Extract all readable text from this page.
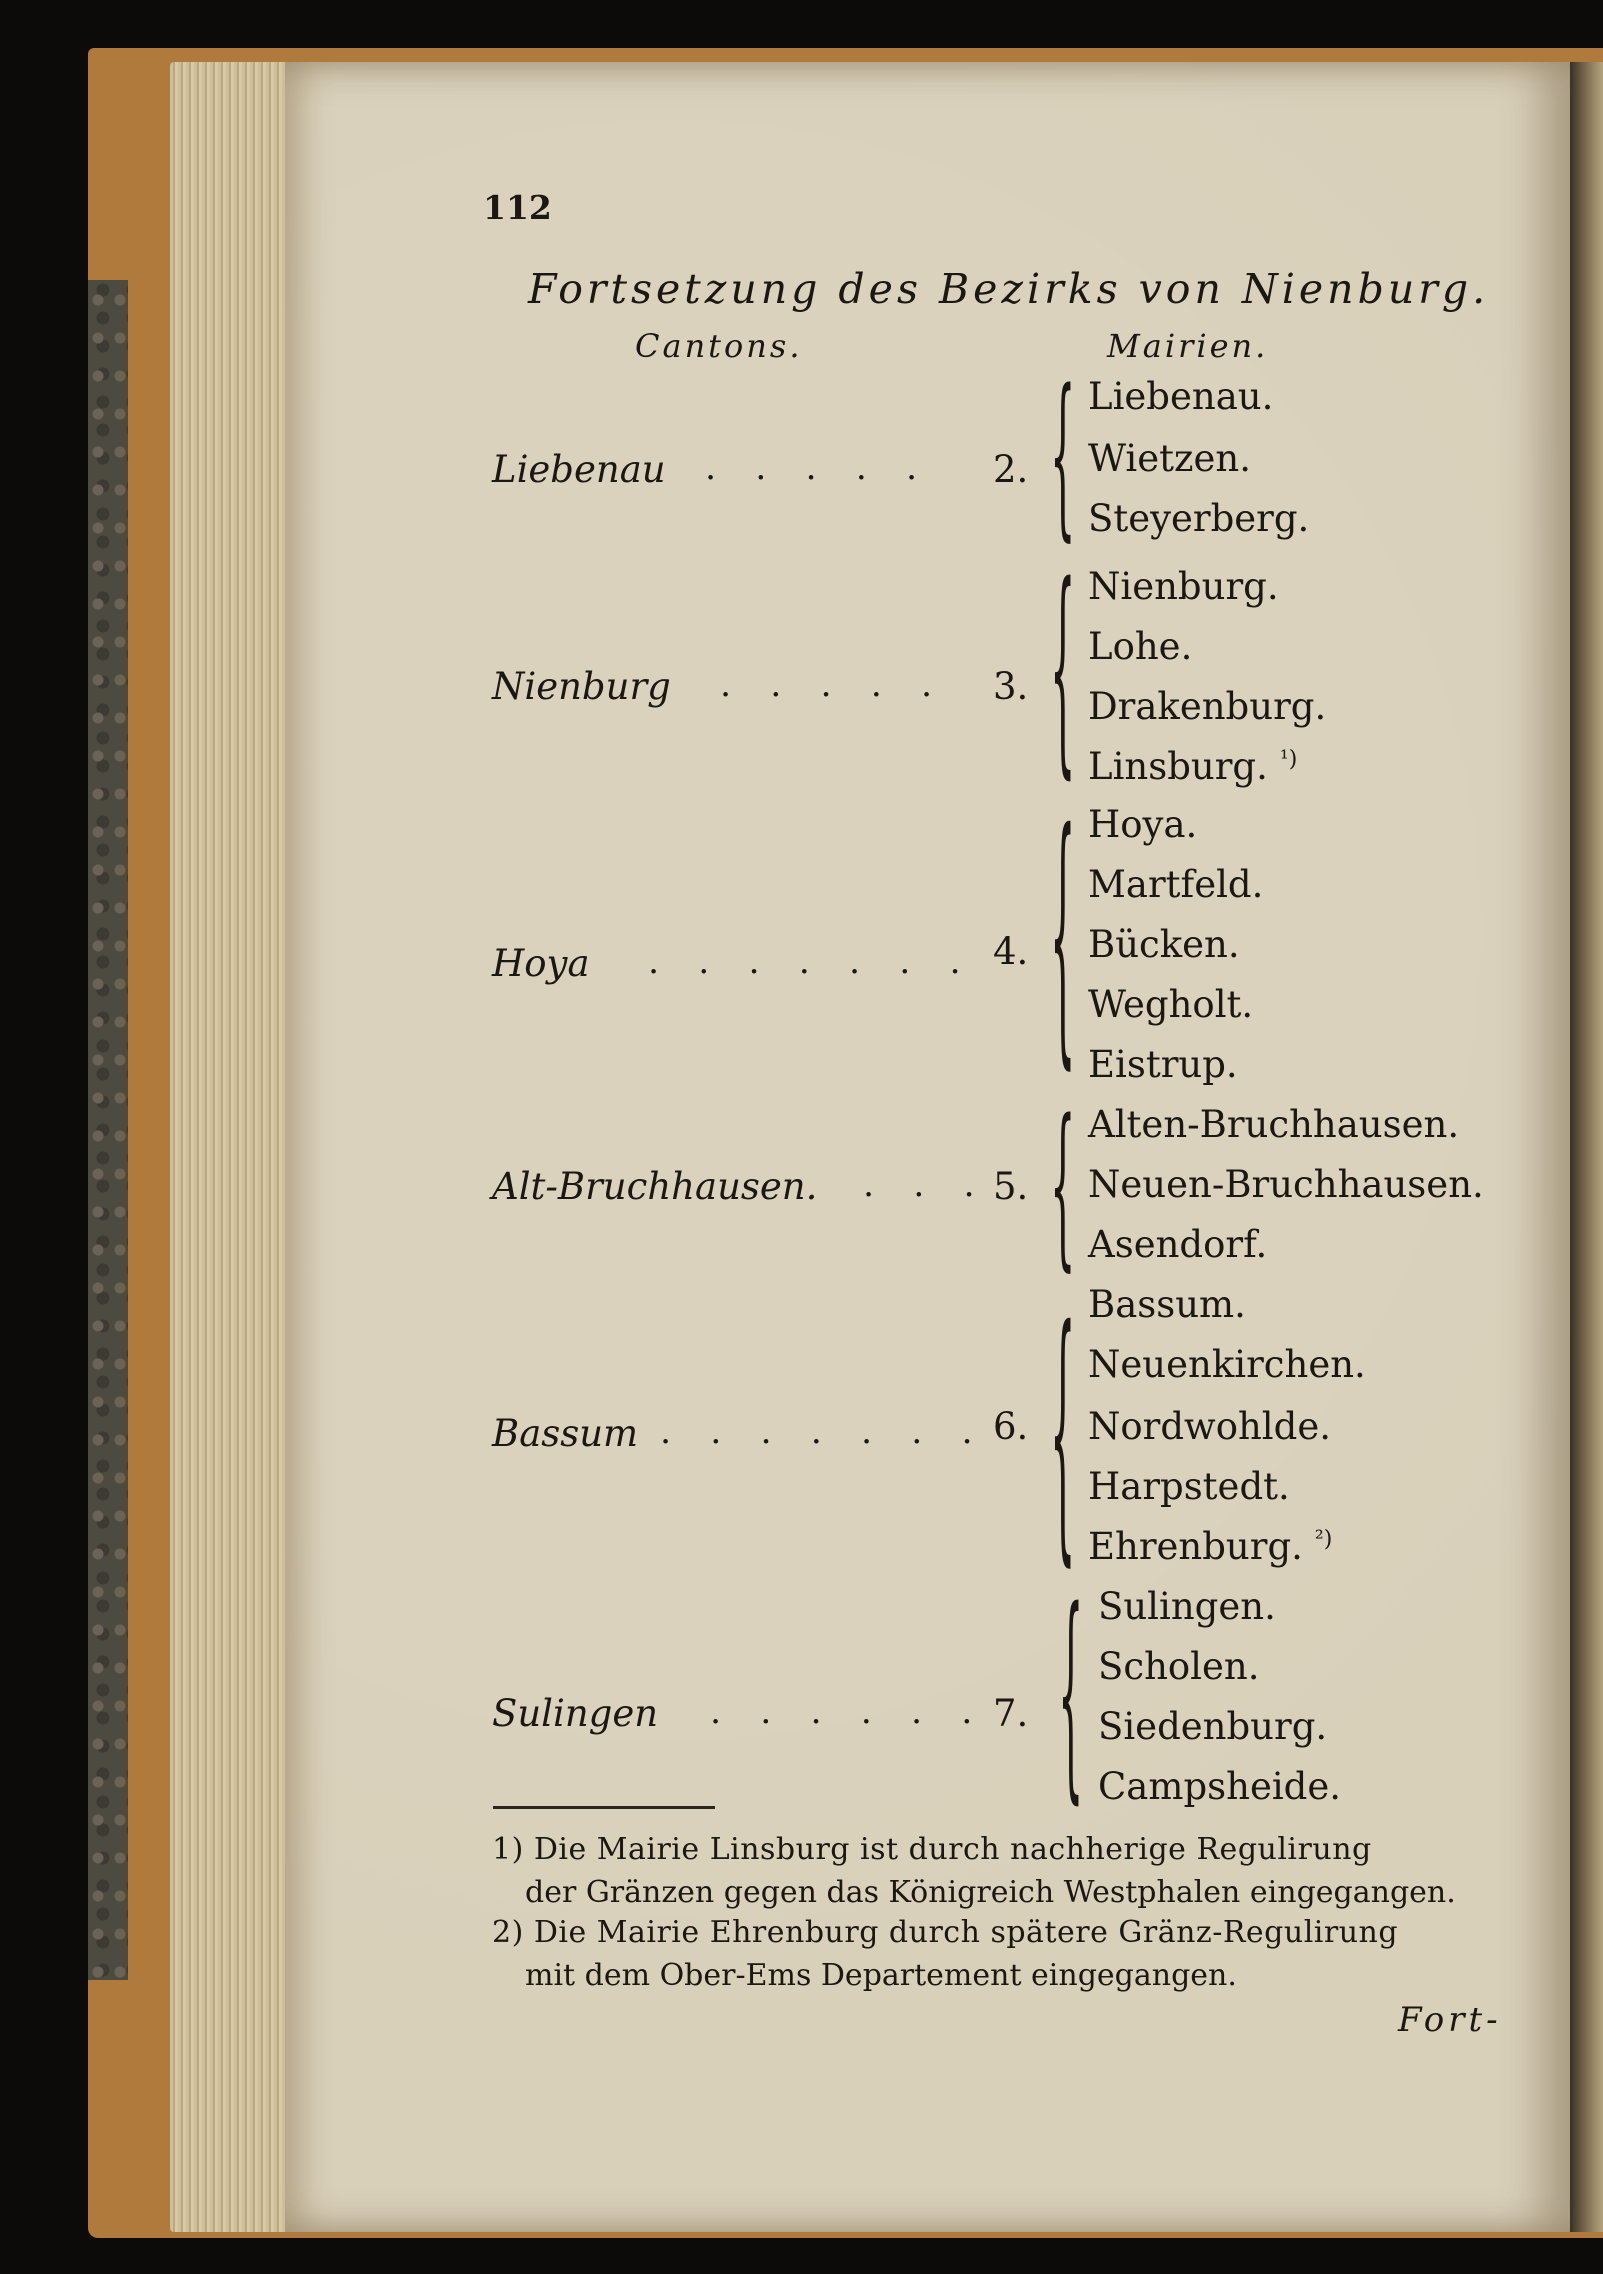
112
Fortsetzung des Bezirks von Nienburg.
Cantons.	Mairien.
Liebenau . . . . . 2. { Liebenau.
Wietzen.
Steyerberg.
Nienburg . . . . . 3. { Nienburg.
Lohe.
Drakenburg.
Linsburg. $^{^1)}$
Hoya . . . . . . . 4. { Hoya.
Martfeld.
Bücken.
Wegholt.
Eistrup.
Alt-Bruchhausen. . . . 5. { Alten-Bruchhausen.
Neuen-Bruchhausen.
Asendorf.
Bassum . . . . . . . 6. { Bassum.
Neuenkirchen.
Nordwohlde.
Harpstedt.
Ehrenburg. $^{^2)}$
Sulingen . . . . . . 7. { Sulingen.
Scholen.
Siedenburg.
Campsheide.
1) Die Mairie Linsburg ist durch nachherige Regulirung
der Gränzen gegen das Königreich Westphalen eingegangen.
2) Die Mairie Ehrenburg durch spätere Gränz-Regulirung
mit dem Ober-Ems Departement eingegangen.
Fort-
